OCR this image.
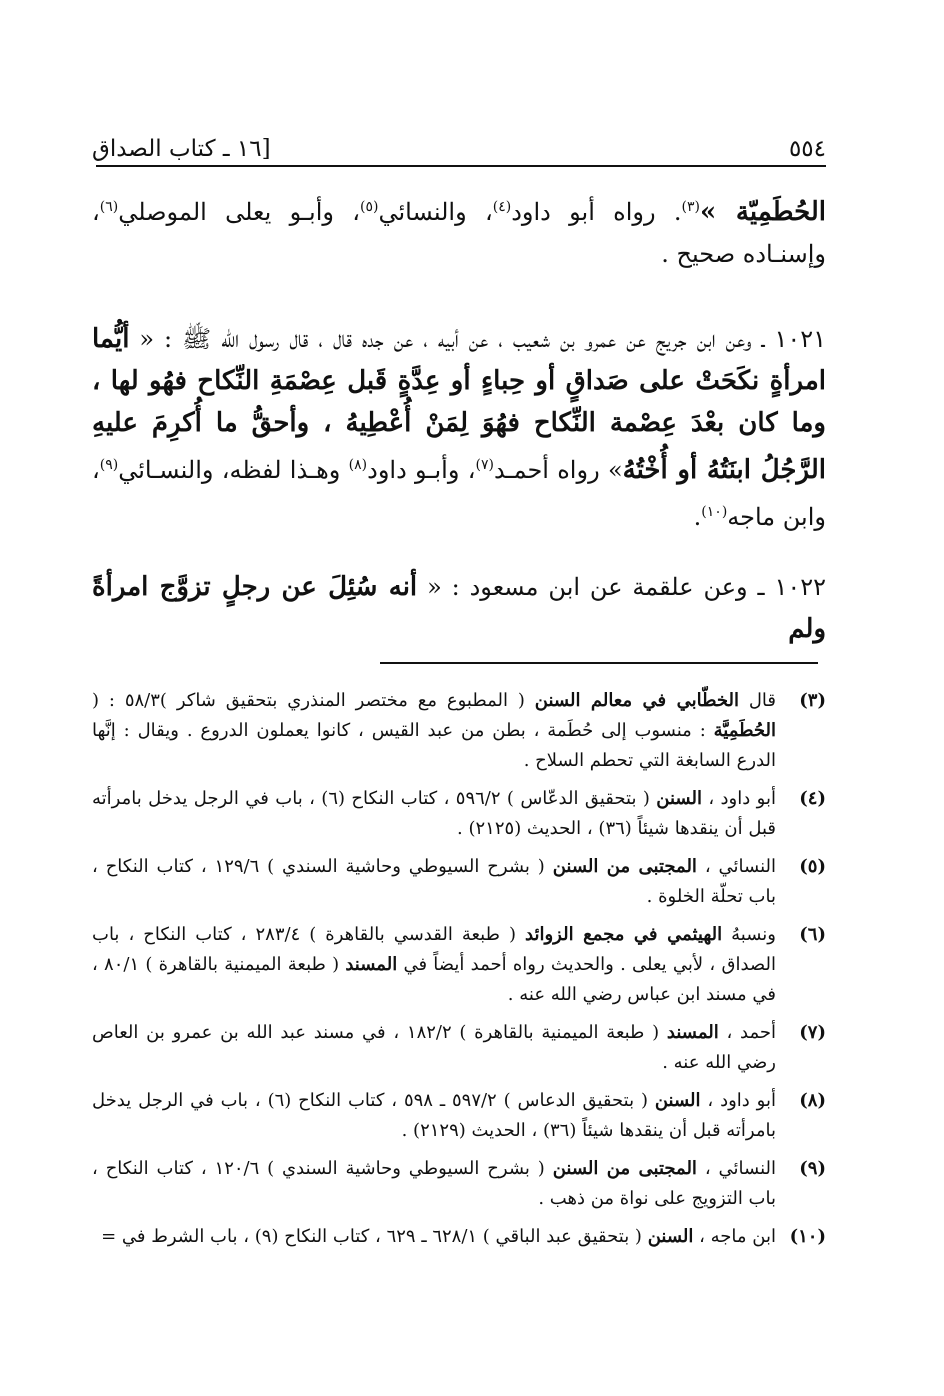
٥٥٤
[١٦ ـ كتاب الصداق

الحُطَمِيّة »$^{(٣)}$. رواه أبو داود$^{(٤)}$، والنسائي$^{(٥)}$، وأبـو يعلى الموصلي$^{(٦)}$، وإسنـاده صحيح .

١٠٢١ ـ وعن ابن جريج عن عمرو بن شعيب ، عن أبيه ، عن جده قال ، قال رسول الله ﷺ : « أيُّما امرأةٍ نكَحَتْ على صَداقٍ أو حِباءٍ أو عِدَّةٍ قَبل عِصْمَةِ النِّكاح فهُو لها ، وما كان بعْدَ عِصْمة النِّكاح فهُوَ لِمَنْ أُعْطِيهُ ، وأحقُّ ما أُكرِمَ عليهِ الرَّجُلُ ابنَتُهُ أو أُخْتُهُ» رواه أحمـد$^{(٧)}$، وأبـو داود$^{(٨)}$ وهـذا لفظه، والنسـائي$^{(٩)}$، وابن ماجه$^{(١٠)}$.

١٠٢٢ ـ وعن علقمة عن ابن مسعود : « أنه سُئِلَ عن رجلٍ تزوَّج امرأةً ولم

(٣)
قال الخطّابي في معالم السنن ( المطبوع مع مختصر المنذري بتحقيق شاكر )٥٨/٣ : ( الحُطَمِيَّة : منسوب إلى حُطَمة ، بطن من عبد القيس ، كانوا يعملون الدروع . ويقال : إنَّها الدرع السابغة التي تحطم السلاح .
(٤)
أبو داود ، السنن ( بتحقيق الدعّاس ) ٥٩٦/٢ ، كتاب النكاح (٦) ، باب في الرجل يدخل بامرأته قبل أن ينقدها شيئاً (٣٦) ، الحديث (٢١٢٥) .
(٥)
النسائي ، المجتبى من السنن ( بشرح السيوطي وحاشية السندي ) ١٢٩/٦ ، كتاب النكاح ، باب تحلّة الخلوة .
(٦)
ونسبهُ الهيثمي في مجمع الزوائد ( طبعة القدسي بالقاهرة ) ٢٨٣/٤ ، كتاب النكاح ، باب الصداق ، لأبي يعلى . والحديث رواه أحمد أيضاً في المسند ( طبعة الميمنية بالقاهرة ) ٨٠/١ ، في مسند ابن عباس رضي الله عنه .
(٧)
أحمد ، المسند ( طبعة الميمنية بالقاهرة ) ١٨٢/٢ ، في مسند عبد الله بن عمرو بن العاص رضي الله عنه .
(٨)
أبو داود ، السنن ( بتحقيق الدعاس ) ٥٩٧/٢ ـ ٥٩٨ ، كتاب النكاح (٦) ، باب في الرجل يدخل بامرأته قبل أن ينقدها شيئاً (٣٦) ، الحديث (٢١٢٩) .
(٩)
النسائي ، المجتبى من السنن ( بشرح السيوطي وحاشية السندي ) ١٢٠/٦ ، كتاب النكاح ، باب التزويج على نواة من ذهب .
(١٠)
ابن ماجه ، السنن ( بتحقيق عبد الباقي ) ٦٢٨/١ ـ ٦٢٩ ، كتاب النكاح (٩) ، باب الشرط في =
